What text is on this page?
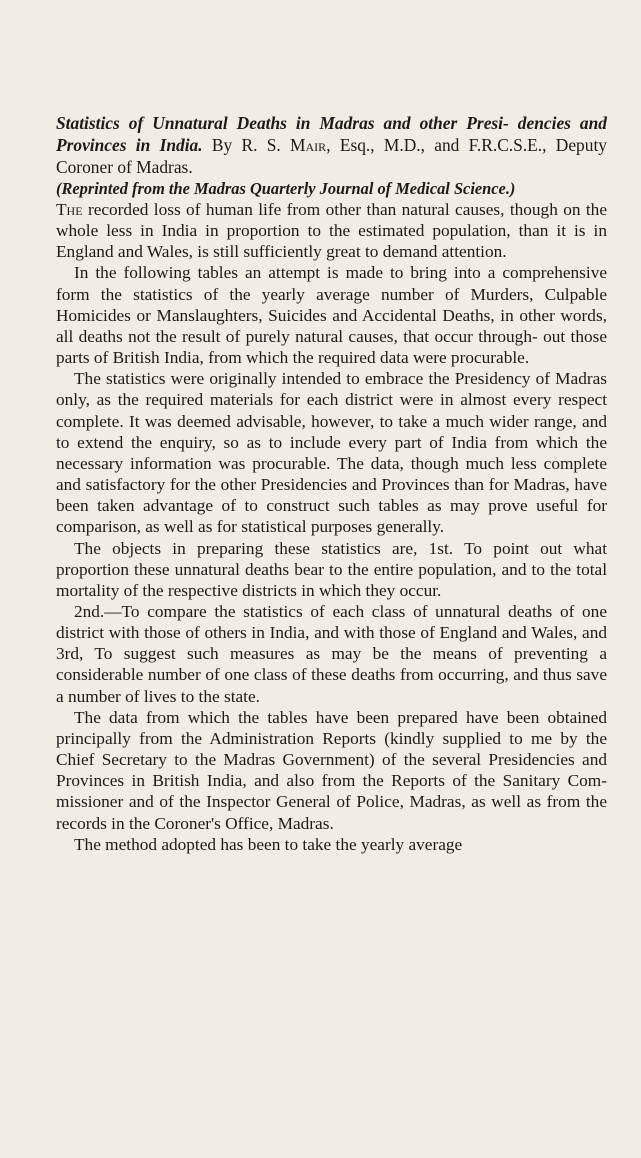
Statistics of Unnatural Deaths in Madras and other Presi- dencies and Provinces in India. By R. S. Mair, Esq., M.D., and F.R.C.S.E., Deputy Coroner of Madras.

(Reprinted from the Madras Quarterly Journal of Medical Science.)

The recorded loss of human life from other than natural causes, though on the whole less in India in proportion to the estimated population, than it is in England and Wales, is still sufficiently great to demand attention.

In the following tables an attempt is made to bring into a comprehensive form the statistics of the yearly average number of Murders, Culpable Homicides or Manslaughters, Suicides and Accidental Deaths, in other words, all deaths not the result of purely natural causes, that occur through- out those parts of British India, from which the required data were procurable.

The statistics were originally intended to embrace the Presidency of Madras only, as the required materials for each district were in almost every respect complete. It was deemed advisable, however, to take a much wider range, and to extend the enquiry, so as to include every part of India from which the necessary information was procurable. The data, though much less complete and satisfactory for the other Presidencies and Provinces than for Madras, have been taken advantage of to construct such tables as may prove useful for comparison, as well as for statistical purposes generally.

The objects in preparing these statistics are, 1st. To point out what proportion these unnatural deaths bear to the entire population, and to the total mortality of the respective districts in which they occur.

2nd.—To compare the statistics of each class of unnatural deaths of one district with those of others in India, and with those of England and Wales, and 3rd, To suggest such measures as may be the means of preventing a considerable number of one class of these deaths from occurring, and thus save a number of lives to the state.

The data from which the tables have been prepared have been obtained principally from the Administration Reports (kindly supplied to me by the Chief Secretary to the Madras Government) of the several Presidencies and Provinces in British India, and also from the Reports of the Sanitary Com- missioner and of the Inspector General of Police, Madras, as well as from the records in the Coroner's Office, Madras.

The method adopted has been to take the yearly average
